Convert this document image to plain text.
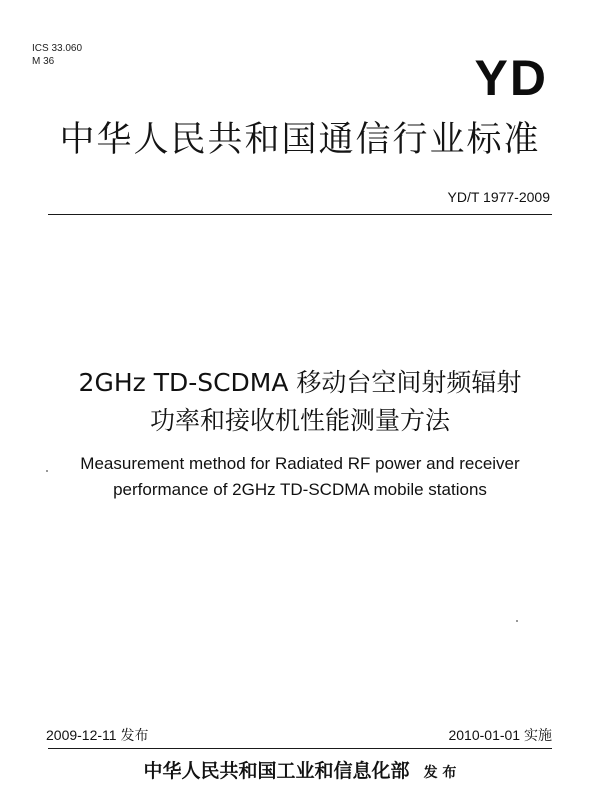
ICS 33.060
M 36	YD
中华人民共和国通信行业标准
YD/T 1977-2009
2GHz TD-SCDMA 移动台空间射频辐射
功率和接收机性能测量方法
Measurement method for Radiated RF power and receiver
performance of 2GHz TD-SCDMA mobile stations
2009-12-11 发布	2010-01-01 实施
中华人民共和国工业和信息化部 发 布
